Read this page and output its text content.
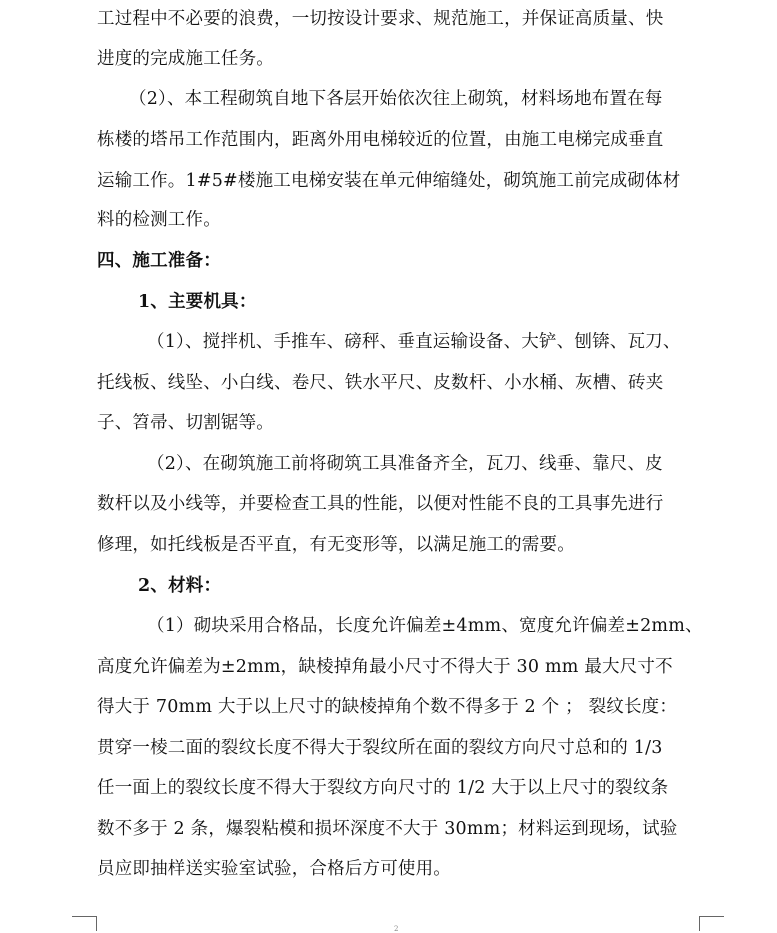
工过程中不必要的浪费，一切按设计要求、规范施工，并保证高质量、快
进度的完成施工任务。
（2）、本工程砌筑自地下各层开始依次往上砌筑，材料场地布置在每
栋楼的塔吊工作范围内，距离外用电梯较近的位置，由施工电梯完成垂直
运输工作。1#5#楼施工电梯安装在单元伸缩缝处，砌筑施工前完成砌体材
料的检测工作。
四、施工准备：
1、主要机具：
（1）、搅拌机、手推车、磅秤、垂直运输设备、大铲、刨锛、瓦刀、
托线板、线坠、小白线、卷尺、铁水平尺、皮数杆、小水桶、灰槽、砖夹
子、笤帚、切割锯等。
（2）、在砌筑施工前将砌筑工具准备齐全，瓦刀、线垂、靠尺、皮
数杆以及小线等，并要检查工具的性能，以便对性能不良的工具事先进行
修理，如托线板是否平直，有无变形等，以满足施工的需要。
2、材料：
（1）砌块采用合格品，长度允许偏差±4mm、宽度允许偏差±2mm、
高度允许偏差为±2mm，缺棱掉角最小尺寸不得大于 30 mm 最大尺寸不
得大于 70mm 大于以上尺寸的缺棱掉角个数不得多于 2 个 ； 裂纹长度：
贯穿一棱二面的裂纹长度不得大于裂纹所在面的裂纹方向尺寸总和的 1/3
任一面上的裂纹长度不得大于裂纹方向尺寸的 1/2 大于以上尺寸的裂纹条
数不多于 2 条，爆裂粘模和损坏深度不大于 30mm；材料运到现场，试验
员应即抽样送实验室试验，合格后方可使用。
2
